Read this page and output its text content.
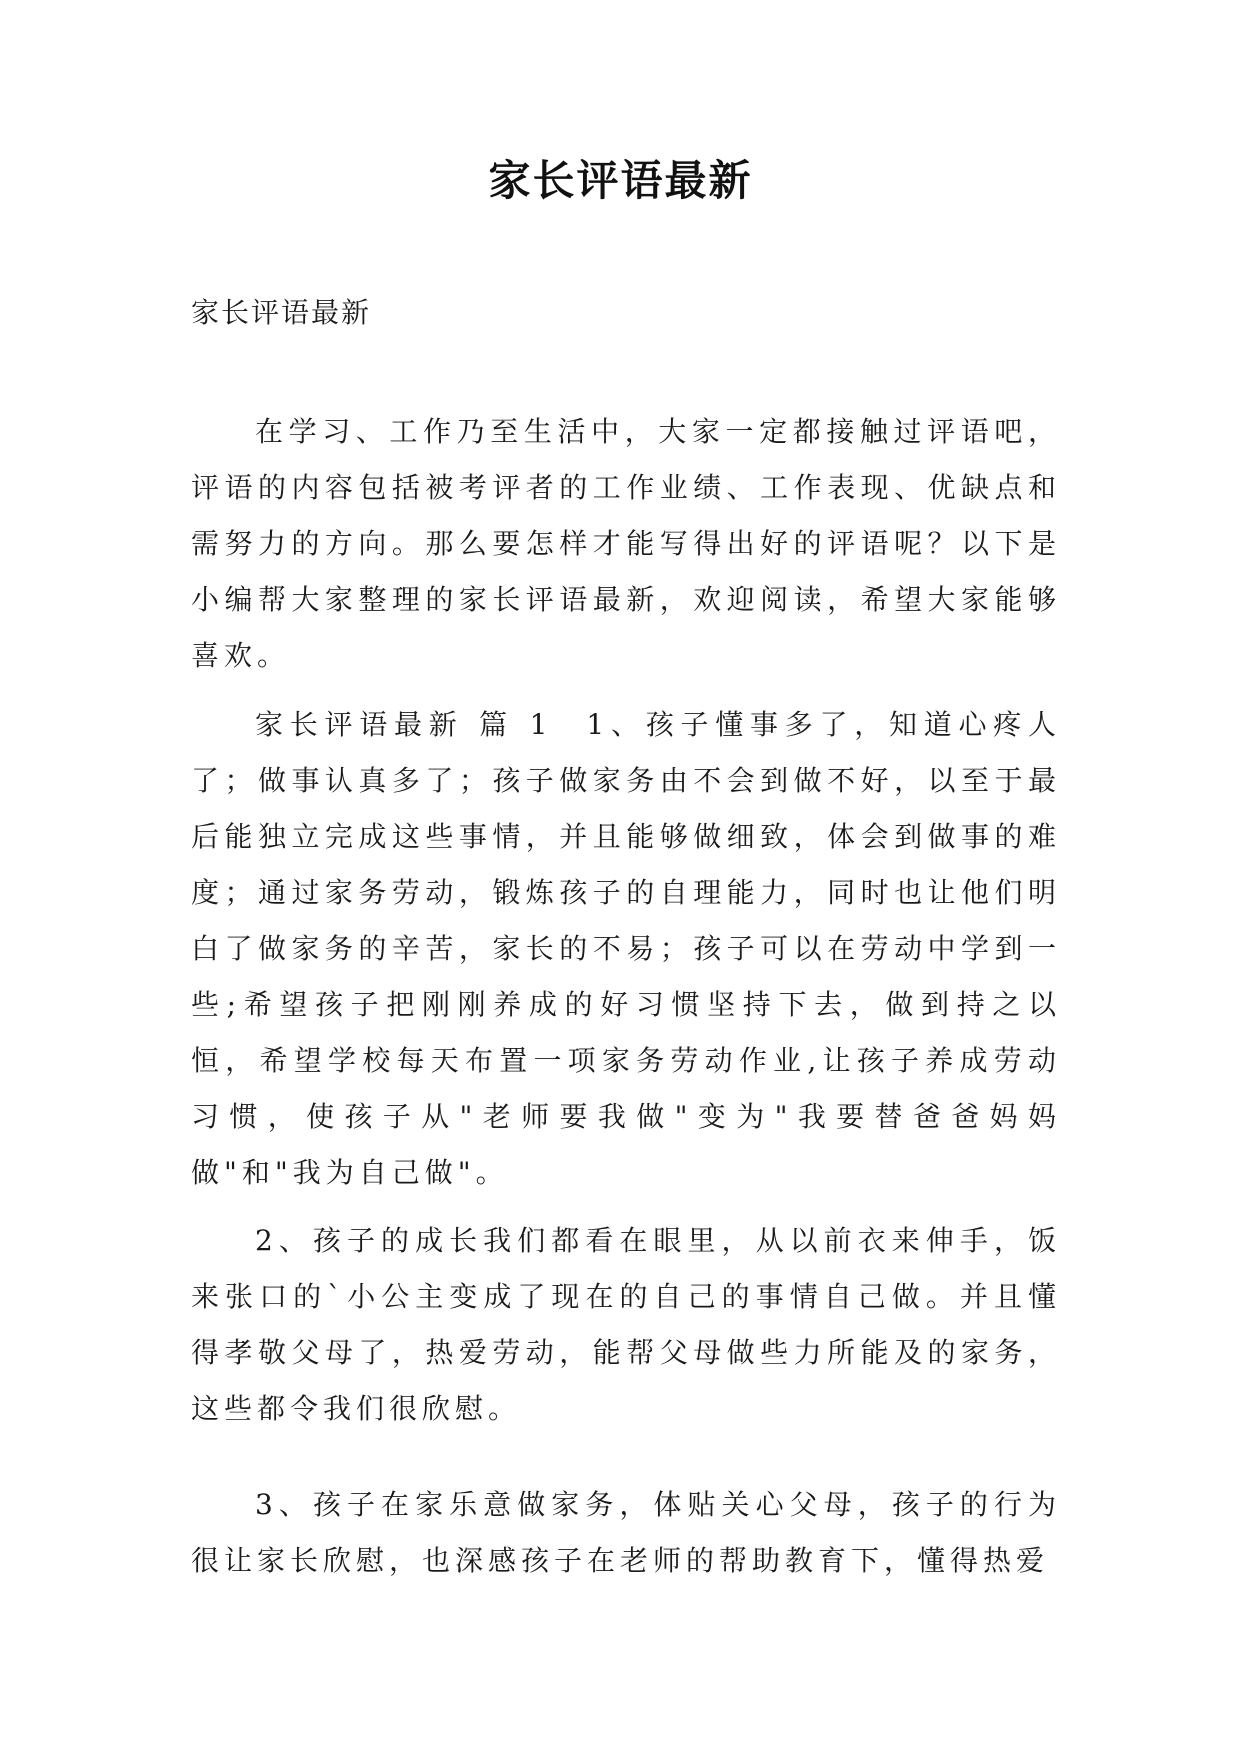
家长评语最新
家长评语最新

在学习、工作乃至生活中，大家一定都接触过评语吧，评语的内容包括被考评者的工作业绩、工作表现、优缺点和需努力的方向。那么要怎样才能写得出好的评语呢？以下是小编帮大家整理的家长评语最新，欢迎阅读，希望大家能够喜欢。

家长评语最新 篇 1 1、孩子懂事多了，知道心疼人了；做事认真多了；孩子做家务由不会到做不好，以至于最后能独立完成这些事情，并且能够做细致，体会到做事的难度；通过家务劳动，锻炼孩子的自理能力，同时也让他们明白了做家务的辛苦，家长的不易；孩子可以在劳动中学到一些;希望孩子把刚刚养成的好习惯坚持下去，做到持之以恒，希望学校每天布置一项家务劳动作业,让孩子养成劳动习惯，使孩子从"老师要我做"变为"我要替爸爸妈妈做"和"我为自己做"。

2、孩子的成长我们都看在眼里，从以前衣来伸手，饭来张口的`小公主变成了现在的自己的事情自己做。并且懂得孝敬父母了，热爱劳动，能帮父母做些力所能及的家务，这些都令我们很欣慰。

3、孩子在家乐意做家务，体贴关心父母，孩子的行为很让家长欣慰，也深感孩子在老师的帮助教育下，懂得热爱
